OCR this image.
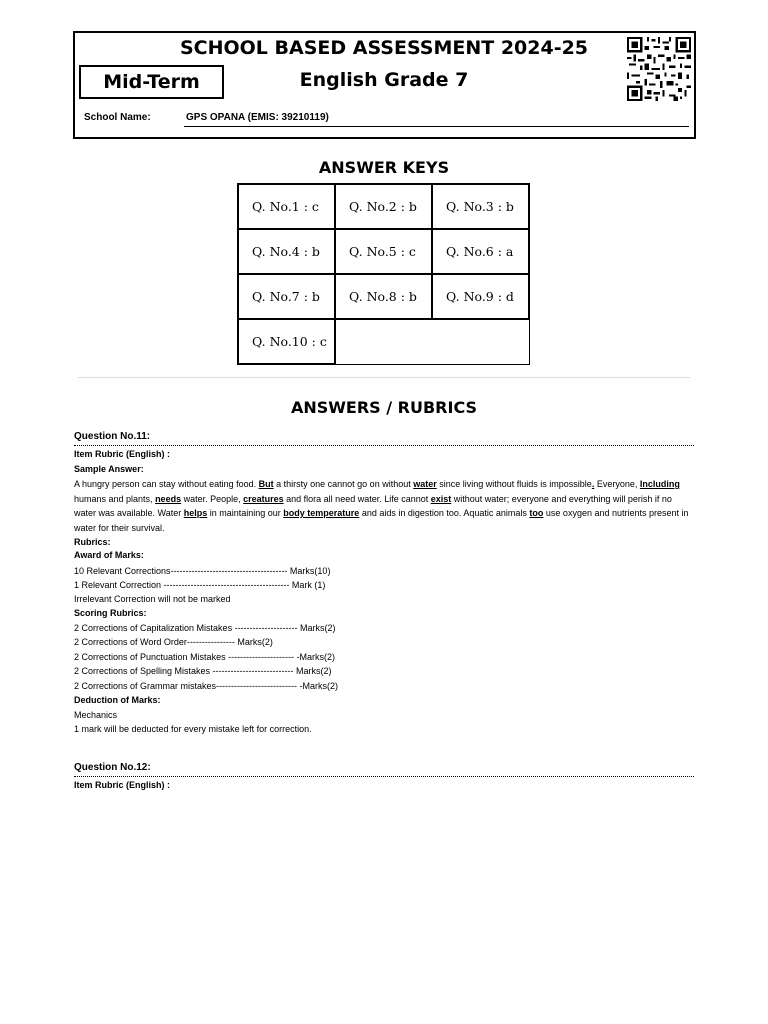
SCHOOL BASED ASSESSMENT 2024-25
English Grade 7
Mid-Term
School Name:	GPS OPANA (EMIS: 39210119)
ANSWER KEYS
Q. No.1 : c	Q. No.2 : b	Q. No.3 : b
Q. No.4 : b	Q. No.5 : c	Q. No.6 : a
Q. No.7 : b	Q. No.8 : b	Q. No.9 : d
Q. No.10 : c		
ANSWERS / RUBRICS
Question No.11:
Item Rubric (English) :
Sample Answer:
A hungry person can stay without eating food. But a thirsty one cannot go on without water since living without fluids is impossible. Everyone, Including humans and plants, needs water. People, creatures and flora all need water. Life cannot exist without water; everyone and everything will perish if no water was available. Water helps in maintaining our body temperature and aids in digestion too. Aquatic animals too use oxygen and nutrients present in water for their survival.
Rubrics:
Award of Marks:
10 Relevant Corrections--------------------------------------- Marks(10)
1 Relevant Correction ------------------------------------------ Mark (1)
Irrelevant Correction will not be marked
Scoring Rubrics:
2 Corrections of Capitalization Mistakes --------------------- Marks(2)
2 Corrections of Word Order---------------- Marks(2)
2 Corrections of Punctuation Mistakes ---------------------- -Marks(2)
2 Corrections of Spelling Mistakes --------------------------- Marks(2)
2 Corrections of Grammar mistakes--------------------------- -Marks(2)
Deduction of Marks:
Mechanics
1 mark will be deducted for every mistake left for correction.
Question No.12:
Item Rubric (English) :
